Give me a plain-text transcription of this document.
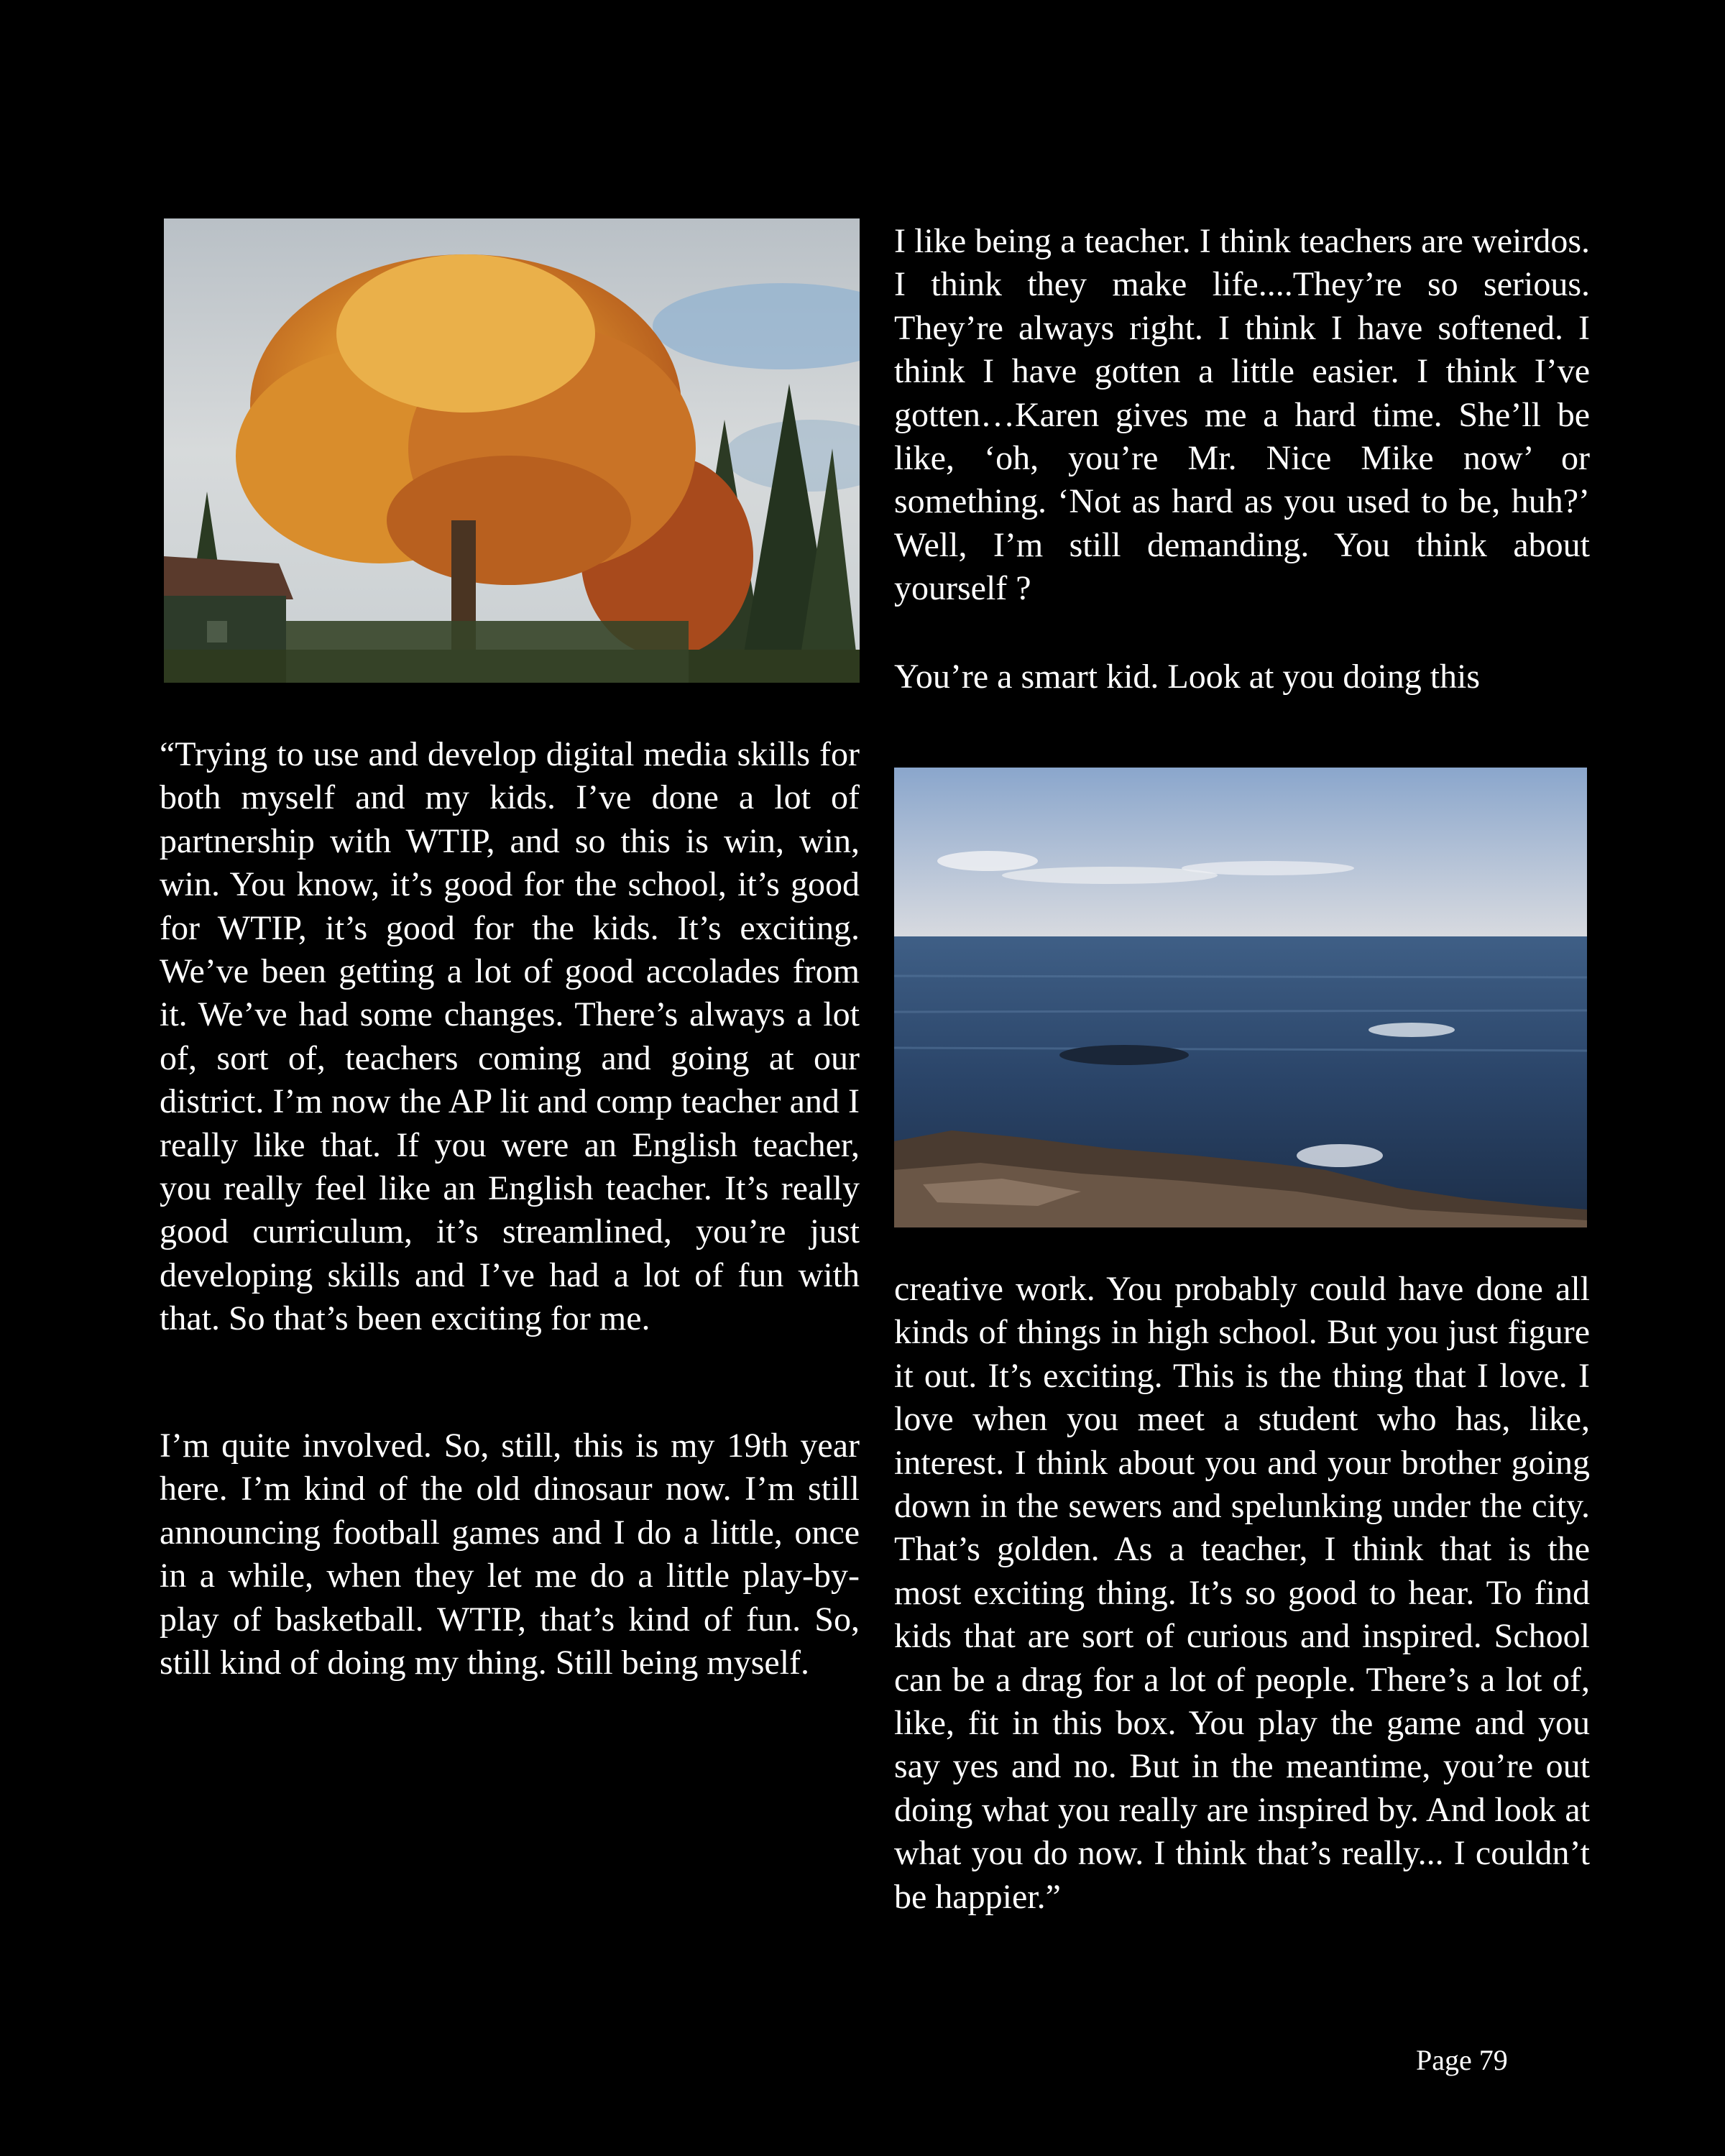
“Trying to use and develop digital media skills for both myself and my kids. I’ve done a lot of partnership with WTIP, and so this is win, win, win. You know, it’s good for the school, it’s good for WTIP, it’s good for the kids. It’s exciting. We’ve been getting a lot of good accolades from it. We’ve had some changes. There’s always a lot of, sort of, teachers coming and going at our district. I’m now the AP lit and comp teacher and I really like that. If you were an English teacher, you really feel like an English teacher. It’s really good curriculum, it’s streamlined, you’re just developing skills and I’ve had a lot of fun with that. So that’s been exciting for me.

I’m quite involved. So, still, this is my 19th year here. I’m kind of the old dinosaur now. I’m still announcing football games and I do a little, once in a while, when they let me do a little play-by-play of basketball. WTIP, that’s kind of fun. So, still kind of doing my thing. Still being myself.

I like being a teacher. I think teachers are weirdos. I think they make life....They’re so serious. They’re always right. I think I have softened. I think I have gotten a little easier. I think I’ve gotten…Karen gives me a hard time. She’ll be like, ‘oh, you’re Mr. Nice Mike now’ or something. ‘Not as hard as you used to be, huh?’ Well, I’m still demanding. You think about yourself ?

You’re a smart kid. Look at you doing this

creative work. You probably could have done all kinds of things in high school. But you just figure it out. It’s exciting. This is the thing that I love. I love when you meet a student who has, like, interest. I think about you and your brother going down in the sewers and spelunking under the city. That’s golden. As a teacher, I think that is the most exciting thing. It’s so good to hear. To find kids that are sort of curious and inspired. School can be a drag for a lot of people. There’s a lot of, like, fit in this box. You play the game and you say yes and no. But in the meantime, you’re out doing what you really are inspired by. And look at what you do now. I think that’s really... I couldn’t be happier.”

Page 79
